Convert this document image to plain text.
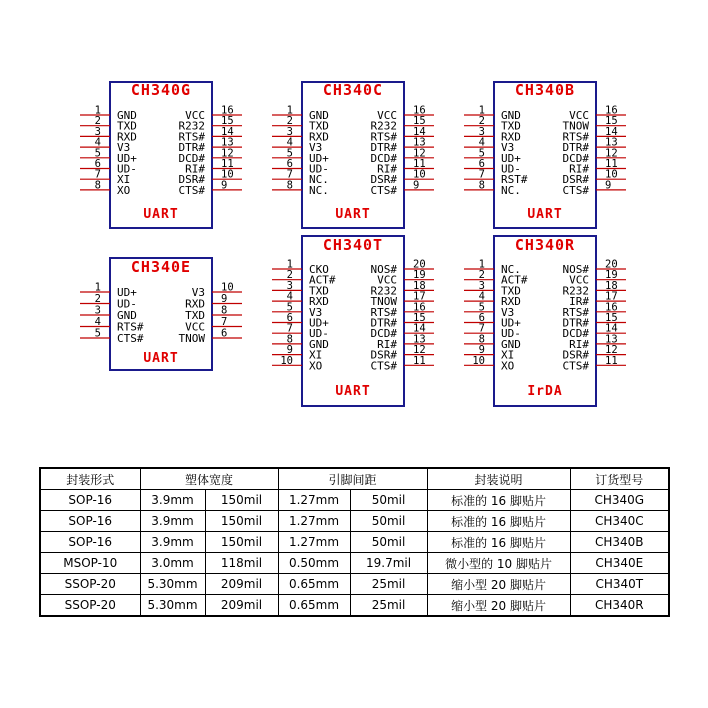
CH340G
UART
1 GND
2 TXD
3 RXD
4 V3
5 UD+
6 UD-
7 XI
8 XO
16
VCC 15
R232 14
RTS# 13
DTR# 12
DCD# 11
RI# 10
DSR# 9
CTS#
CH340C
UART
1 GND
2 TXD
3 RXD
4 V3
5 UD+
6 UD-
7 NC.
8 NC.
16
VCC 15
R232 14
RTS# 13
DTR# 12
DCD# 11
RI# 10
DSR# 9
CTS#
CH340B
UART
1 GND
2 TXD
3 RXD
4 V3
5 UD+
6 UD-
7 RST#
8 NC.
16
VCC 15
TNOW 14
RTS# 13
DTR# 12
DCD# 11
RI# 10
DSR# 9
CTS#
CH340E
UART
1 UD+
2 UD-
3 GND
4 RTS#
5 CTS#
10
V3 9
RXD 8
TXD 7
VCC 6
TNOW
CH340T
UART
1 CKO
2 ACT#
3 TXD
4 RXD
5 V3
6 UD+
7 UD-
8 GND
9 XI
10 XO
20
NOS# 19
VCC 18
R232 17
TNOW 16
RTS# 15
DTR# 14
DCD# 13
RI# 12
DSR# 11
CTS#
CH340R
IrDA
1 NC.
2 ACT#
3 TXD
4 RXD
5 V3
6 UD+
7 UD-
8 GND
9 XI
10 XO
20
NOS# 19
VCC 18
R232 17
IR# 16
RTS# 15
DTR# 14
DCD# 13
RI# 12
DSR# 11
CTS#
封装形式	塑体宽度		引脚间距		封装说明	订货型号
SOP-16	3.9mm	150mil	1.27mm	50mil	标准的 16 脚贴片	CH340G
SOP-16	3.9mm	150mil	1.27mm	50mil	标准的 16 脚贴片	CH340C
SOP-16	3.9mm	150mil	1.27mm	50mil	标准的 16 脚贴片	CH340B
MSOP-10	3.0mm	118mil	0.50mm	19.7mil	微小型的 10 脚贴片	CH340E
SSOP-20	5.30mm	209mil	0.65mm	25mil	缩小型 20 脚贴片	CH340T
SSOP-20	5.30mm	209mil	0.65mm	25mil	缩小型 20 脚贴片	CH340R
